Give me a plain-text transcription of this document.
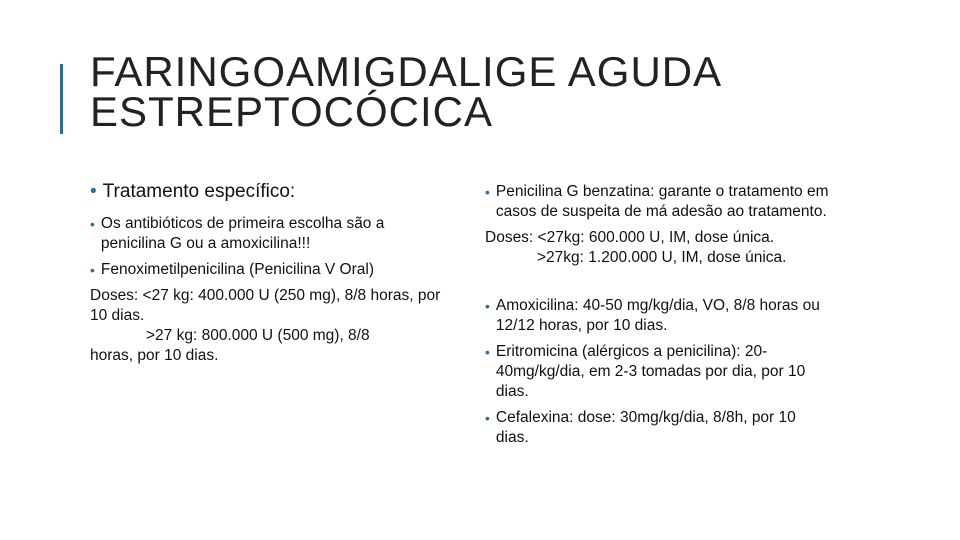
FARINGOAMIGDALIGE AGUDA
ESTREPTOCÓCICA
• Tratamento específico:
• Os antibióticos de primeira escolha são a penicilina G ou a amoxicilina!!!
• Fenoximetilpenicilina (Penicilina V Oral)

Doses: <27 kg: 400.000 U (250 mg), 8/8 horas, por 10 dias.

>27 kg: 800.000 U (500 mg), 8/8

horas, por 10 dias.

• Penicilina G benzatina: garante o tratamento em casos de suspeita de má adesão ao tratamento.

Doses: <27kg: 600.000 U, IM, dose única.

>27kg: 1.200.000 U, IM, dose única.

• Amoxicilina: 40-50 mg/kg/dia, VO, 8/8 horas ou 12/12 horas, por 10 dias.
• Eritromicina (alérgicos a penicilina): 20-40mg/kg/dia, em 2-3 tomadas por dia, por 10 dias.
• Cefalexina: dose: 30mg/kg/dia, 8/8h, por 10 dias.
